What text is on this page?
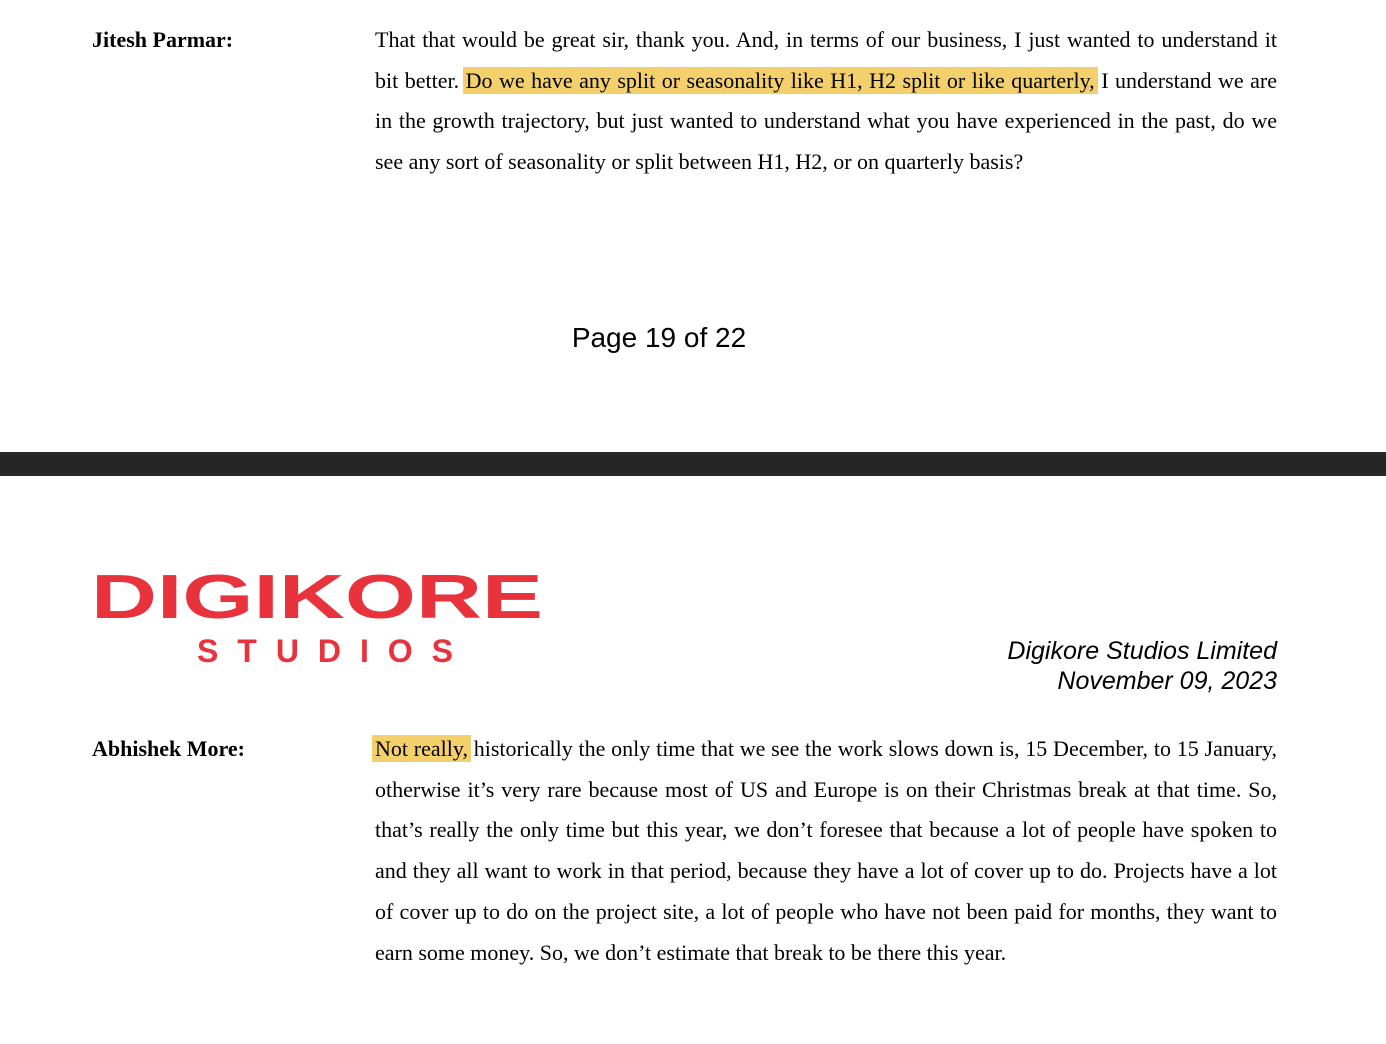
Jitesh Parmar:	That that would be great sir, thank you. And, in terms of our business, I just wanted to understand it bit better. Do we have any split or seasonality like H1, H2 split or like quarterly, I understand we are in the growth trajectory, but just wanted to understand what you have experienced in the past, do we see any sort of seasonality or split between H1, H2, or on quarterly basis?

Page 19 of 22
DIGIKORE
STUDIOS	Digikore Studios Limited
November 09, 2023

Abhishek More:	Not really, historically the only time that we see the work slows down is, 15 December, to 15 January, otherwise it’s very rare because most of US and Europe is on their Christmas break at that time. So, that’s really the only time but this year, we don’t foresee that because a lot of people have spoken to and they all want to work in that period, because they have a lot of cover up to do. Projects have a lot of cover up to do on the project site, a lot of people who have not been paid for months, they want to earn some money. So, we don’t estimate that break to be there this year.
